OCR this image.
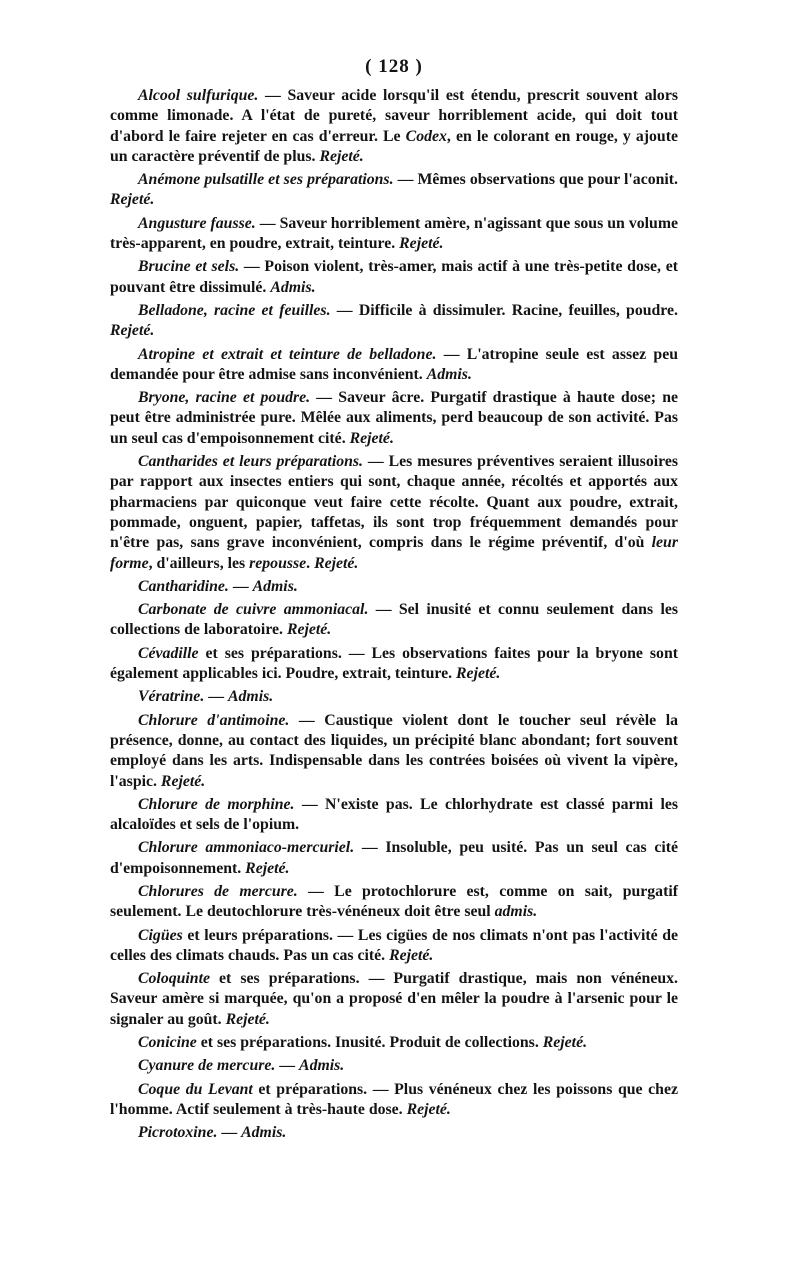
( 128 )

Alcool sulfurique. — Saveur acide lorsqu'il est étendu, prescrit souvent alors comme limonade. A l'état de pureté, saveur horriblement acide, qui doit tout d'abord le faire rejeter en cas d'erreur. Le Codex, en le colorant en rouge, y ajoute un caractère préventif de plus. Rejeté.

Anémone pulsatille et ses préparations. — Mêmes observations que pour l'aconit. Rejeté.

Angusture fausse. — Saveur horriblement amère, n'agissant que sous un volume très-apparent, en poudre, extrait, teinture. Rejeté.

Brucine et sels. — Poison violent, très-amer, mais actif à une très-petite dose, et pouvant être dissimulé. Admis.

Belladone, racine et feuilles. — Difficile à dissimuler. Racine, feuilles, poudre. Rejeté.

Atropine et extrait et teinture de belladone. — L'atropine seule est assez peu demandée pour être admise sans inconvénient. Admis.

Bryone, racine et poudre. — Saveur âcre. Purgatif drastique à haute dose; ne peut être administrée pure. Mêlée aux aliments, perd beaucoup de son activité. Pas un seul cas d'empoisonnement cité. Rejeté.

Cantharides et leurs préparations. — Les mesures préventives seraient illusoires par rapport aux insectes entiers qui sont, chaque année, récoltés et apportés aux pharmaciens par quiconque veut faire cette récolte. Quant aux poudre, extrait, pommade, onguent, papier, taffetas, ils sont trop fréquemment demandés pour n'être pas, sans grave inconvénient, compris dans le régime préventif, d'où leur forme, d'ailleurs, les repousse. Rejeté.

Cantharidine. — Admis.

Carbonate de cuivre ammoniacal. — Sel inusité et connu seulement dans les collections de laboratoire. Rejeté.

Cévadille et ses préparations. — Les observations faites pour la bryone sont également applicables ici. Poudre, extrait, teinture. Rejeté.

Vératrine. — Admis.

Chlorure d'antimoine. — Caustique violent dont le toucher seul révèle la présence, donne, au contact des liquides, un précipité blanc abondant; fort souvent employé dans les arts. Indispensable dans les contrées boisées où vivent la vipère, l'aspic. Rejeté.

Chlorure de morphine. — N'existe pas. Le chlorhydrate est classé parmi les alcaloïdes et sels de l'opium.

Chlorure ammoniaco-mercuriel. — Insoluble, peu usité. Pas un seul cas cité d'empoisonnement. Rejeté.

Chlorures de mercure. — Le protochlorure est, comme on sait, purgatif seulement. Le deutochlorure très-vénéneux doit être seul admis.

Cigües et leurs préparations. — Les cigües de nos climats n'ont pas l'activité de celles des climats chauds. Pas un cas cité. Rejeté.

Coloquinte et ses préparations. — Purgatif drastique, mais non vénéneux. Saveur amère si marquée, qu'on a proposé d'en mêler la poudre à l'arsenic pour le signaler au goût. Rejeté.

Conicine et ses préparations. Inusité. Produit de collections. Rejeté.

Cyanure de mercure. — Admis.

Coque du Levant et préparations. — Plus vénéneux chez les poissons que chez l'homme. Actif seulement à très-haute dose. Rejeté.

Picrotoxine. — Admis.
